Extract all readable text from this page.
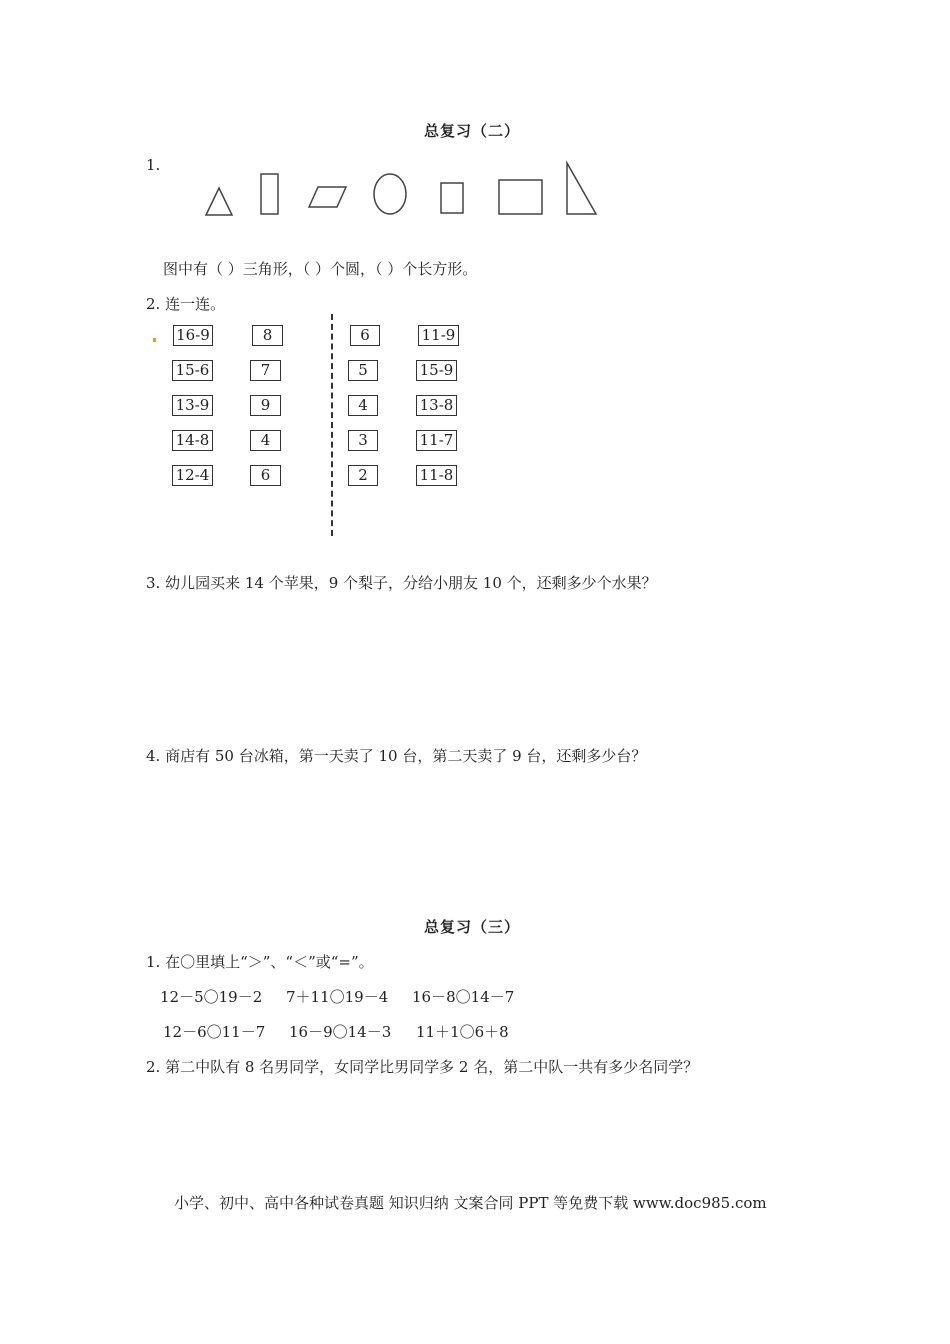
总复习（二）
1.
图中有（ ）三角形，（ ）个圆，（ ）个长方形。
2. 连一连。
16-9
15-6
13-9
14-8
12-4
8
7
9
4
6
6
5
4
3
2
11-9
15-9
13-8
11-7
11-8
3. 幼儿园买来 14 个苹果，9 个梨子，分给小朋友 10 个，还剩多少个水果？
4. 商店有 50 台冰箱，第一天卖了 10 台，第二天卖了 9 台，还剩多少台？
总复习（三）
1. 在〇里填上“＞”、“＜”或“=”。
12－5〇19－2 7＋11〇19－4 16－8〇14－7
12－6〇11－7 16－9〇14－3 11＋1〇6＋8
2. 第二中队有 8 名男同学，女同学比男同学多 2 名，第二中队一共有多少名同学？
小学、初中、高中各种试卷真题 知识归纳 文案合同 PPT 等免费下载 www.doc985.com
